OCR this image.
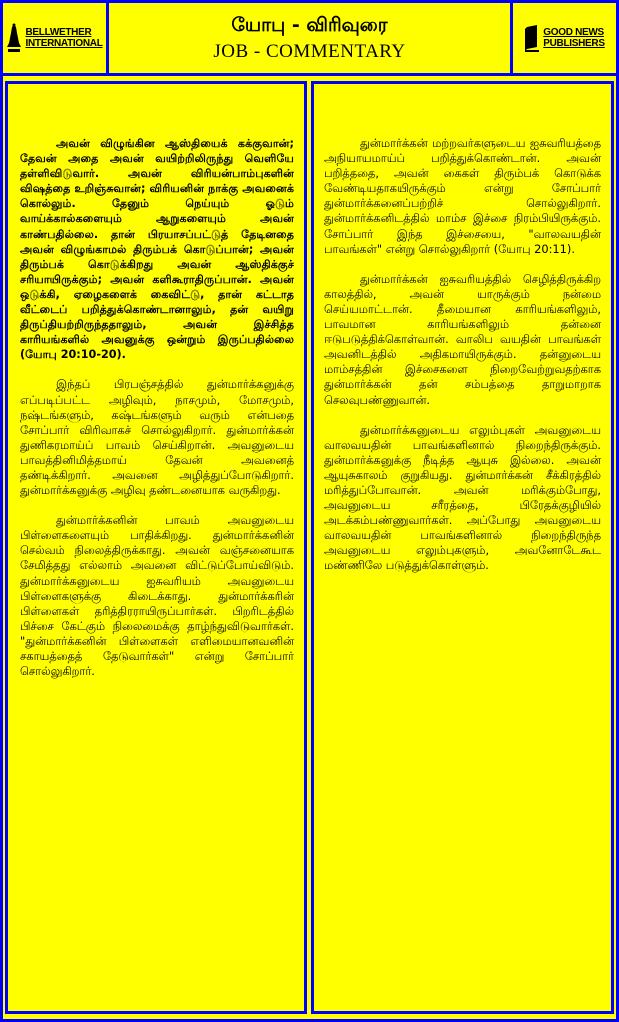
BELLWETHER
INTERNATIONAL
யோபு - விரிவுரை
JOB - COMMENTARY
GOOD NEWS
PUBLISHERS

அவன் விழுங்கின ஆஸ்தியைக் கக்குவான்; தேவன் அதை அவன் வயிற்றிலிருந்து வெளியே தள்ளிவிடுவார். அவன் விரியன்பாம்புகளின் விஷத்தை உறிஞ்சுவான்; விரியனின் நாக்கு அவனைக் கொல்லும். தேனும் நெய்யும் ஓடும் வாய்க்கால்களையும் ஆறுகளையும் அவன் காண்பதில்லை. தான் பிரயாசப்பட்டுத் தேடினதை அவன் விழுங்காமல் திரும்பக் கொடுப்பான்; அவன் திரும்பக் கொடுக்கிறது அவன் ஆஸ்திக்குச் சரியாயிருக்கும்; அவன் களிகூராதிருப்பான். அவன் ஒடுக்கி, ஏழைகளைக் கைவிட்டு, தான் கட்டாத வீட்டைப் பறித்துக்கொண்டானாலும், தன் வயிறு திருப்தியற்றிருந்ததாலும், அவன் இச்சித்த காரியங்களில் அவனுக்கு ஒன்றும் இருப்பதில்லை (யோபு 20:10-20).

இந்தப் பிரபஞ்சத்தில் துன்மார்க்கனுக்கு எப்படிப்பட்ட அழிவும், நாசமும், மோசமும், நஷ்டங்களும், கஷ்டங்களும் வரும் என்பதை சோப்பார் விரிவாகச் சொல்லுகிறார். துன்மார்க்கன் துணிகரமாய்ப் பாவம் செய்கிறான். அவனுடைய பாவத்தினிமித்தமாய் தேவன் அவனைத் தண்டிக்கிறார். அவனை அழித்துப்போடுகிறார். துன்மார்க்கனுக்கு அழிவு தண்டனையாக வருகிறது.

துன்மார்க்கனின் பாவம் அவனுடைய பிள்ளைகளையும் பாதிக்கிறது. துன்மார்க்கனின் செல்வம் நிலைத்திருக்காது. அவன் வஞ்சனையாக சேமித்தது எல்லாம் அவனை விட்டுப்போய்விடும். துன்மார்க்கனுடைய ஐசுவரியம் அவனுடைய பிள்ளைகளுக்கு கிடைக்காது. துன்மார்க்கரின் பிள்ளைகள் தரித்திரராயிருப்பார்கள். பிறரிடத்தில் பிச்சை கேட்கும் நிலைமைக்கு தாழ்ந்துவிடுவார்கள். "துன்மார்க்கனின் பிள்ளைகள் எளிமையானவனின் சகாயத்தைத் தேடுவார்கள்" என்று சோப்பார் சொல்லுகிறார்.

துன்மார்க்கன் மற்றவர்களுடைய ஐசுவரியத்தை அநியாயமாய்ப் பறித்துக்கொண்டான். அவன் பறித்ததை, அவன் கைகள் திரும்பக் கொடுக்க வேண்டியதாகயிருக்கும் என்று சோப்பார் துன்மார்க்கனைப்பற்றிச் சொல்லுகிறார். துன்மார்க்கனிடத்தில் மாம்ச இச்சை நிரம்பியிருக்கும். சோப்பார் இந்த இச்சையை, "வாலவயதின் பாவங்கள்" என்று சொல்லுகிறார் (யோபு 20:11).

துன்மார்க்கன் ஐசுவரியத்தில் செழித்திருக்கிற காலத்தில், அவன் யாருக்கும் நன்மை செய்யமாட்டான். தீமையான காரியங்களிலும், பாவமான காரியங்களிலும் தன்னை ஈடுபடுத்திக்கொள்வான். வாலிப வயதின் பாவங்கள் அவனிடத்தில் அதிகமாயிருக்கும். தன்னுடைய மாம்சத்தின் இச்சைகளை நிறைவேற்றுவதற்காக துன்மார்க்கன் தன் சம்பத்தை தாறுமாறாக செலவுபண்ணுவான்.

துன்மார்க்கனுடைய எலும்புகள் அவனுடைய வாலவயதின் பாவங்களினால் நிறைந்திருக்கும். துன்மார்க்கனுக்கு நீடித்த ஆயுசு இல்லை. அவன் ஆயுசுகாலம் குறுகியது. துன்மார்க்கன் சீக்கிரத்தில் மரித்துப்போவான். அவன் மரிக்கும்போது, அவனுடைய சரீரத்தை, பிரேதக்குழியில் அடக்கம்பண்ணுவார்கள். அப்போது அவனுடைய வாலவயதின் பாவங்களினால் நிறைந்திருந்த அவனுடைய எலும்புகளும், அவனோடேகூட மண்ணிலே படுத்துக்கொள்ளும்.
